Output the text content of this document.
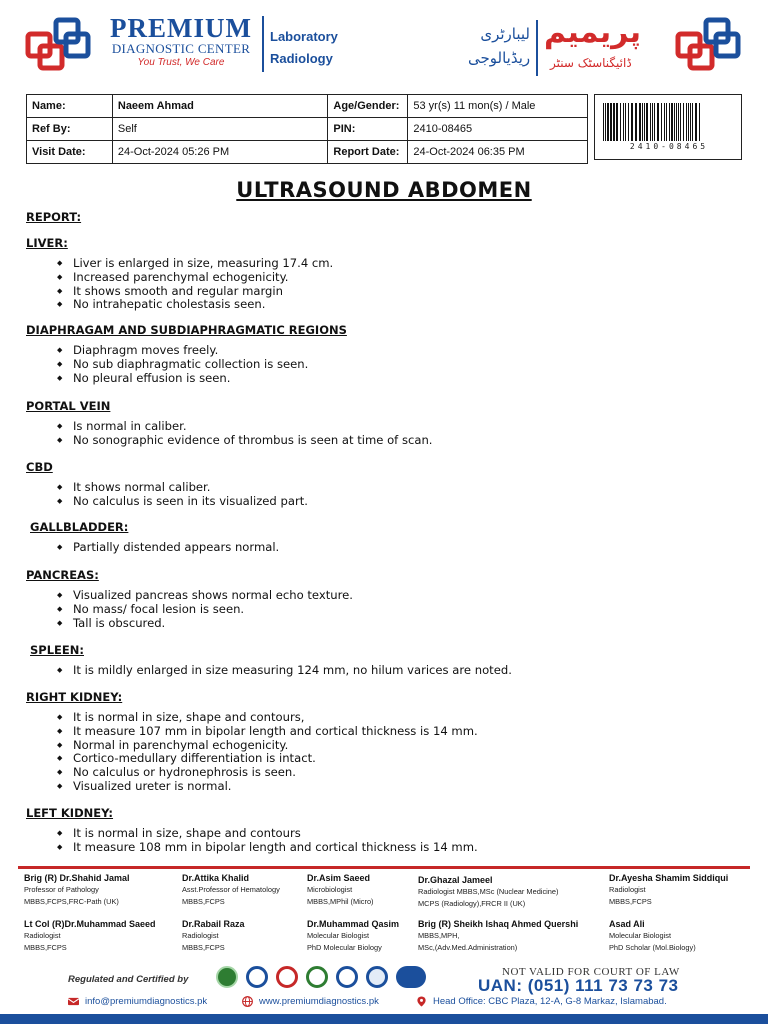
PREMIUM
DIAGNOSTIC CENTER
You Trust, We Care
Laboratory
Radiology
لیبارٹری
ریڈیالوجی
پریمیم
ڈائیگناسٹک سنٹر
Name:	Naeem Ahmad	Age/Gender:	53 yr(s) 11 mon(s) / Male
Ref By:	Self	PIN:	2410-08465
Visit Date:	24-Oct-2024 05:26 PM	Report Date:	24-Oct-2024 06:35 PM	2410-08465
ULTRASOUND ABDOMEN
REPORT:
LIVER:
◆ Liver is enlarged in size, measuring 17.4 cm.
◆ Increased parenchymal echogenicity.
◆ It shows smooth and regular margin
◆ No intrahepatic cholestasis seen.
DIAPHRAGAM AND SUBDIAPHRAGMATIC REGIONS
◆ Diaphragm moves freely.
◆ No sub diaphragmatic collection is seen.
◆ No pleural effusion is seen.
PORTAL VEIN
◆ Is normal in caliber.
◆ No sonographic evidence of thrombus is seen at time of scan.
CBD
◆ It shows normal caliber.
◆ No calculus is seen in its visualized part.
GALLBLADDER:
◆ Partially distended appears normal.
PANCREAS:
◆ Visualized pancreas shows normal echo texture.
◆ No mass/ focal lesion is seen.
◆ Tall is obscured.
SPLEEN:
◆ It is mildly enlarged in size measuring 124 mm, no hilum varices are noted.
RIGHT KIDNEY:
◆ It is normal in size, shape and contours,
◆ It measure 107 mm in bipolar length and cortical thickness is 14 mm.
◆ Normal in parenchymal echogenicity.
◆ Cortico-medullary differentiation is intact.
◆ No calculus or hydronephrosis is seen.
◆ Visualized ureter is normal.
LEFT KIDNEY:
◆ It is normal in size, shape and contours
◆ It measure 108 mm in bipolar length and cortical thickness is 14 mm.
Brig (R) Dr.Shahid Jamal
Professor of Pathology
MBBS,FCPS,FRC-Path (UK)
Dr.Attika Khalid
Asst.Professor of Hematology
MBBS,FCPS
Dr.Asim Saeed
Microbiologist
MBBS,MPhil (Micro)
Dr.Ghazal Jameel
Radiologist MBBS,MSc (Nuclear Medicine)
MCPS (Radiology),FRCR II (UK)
Dr.Ayesha Shamim Siddiqui
Radiologist
MBBS,FCPS
Lt Col (R)Dr.Muhammad Saeed
Radiologist
MBBS,FCPS
Dr.Rabail Raza
Radiologist
MBBS,FCPS
Dr.Muhammad Qasim
Molecular Biologist
PhD Molecular Biology
Brig (R) Sheikh Ishaq Ahmed Quershi
MBBS,MPH,
MSc,(Adv.Med.Administration)
Asad Ali
Molecular Biologist
PhD Scholar (Mol.Biology)
Regulated and Certified by
NOT VALID FOR COURT OF LAW
UAN: (051) 111 73 73 73
info@premiumdiagnostics.pk	www.premiumdiagnostics.pk	Head Office: CBC Plaza, 12-A, G-8 Markaz, Islamabad.
